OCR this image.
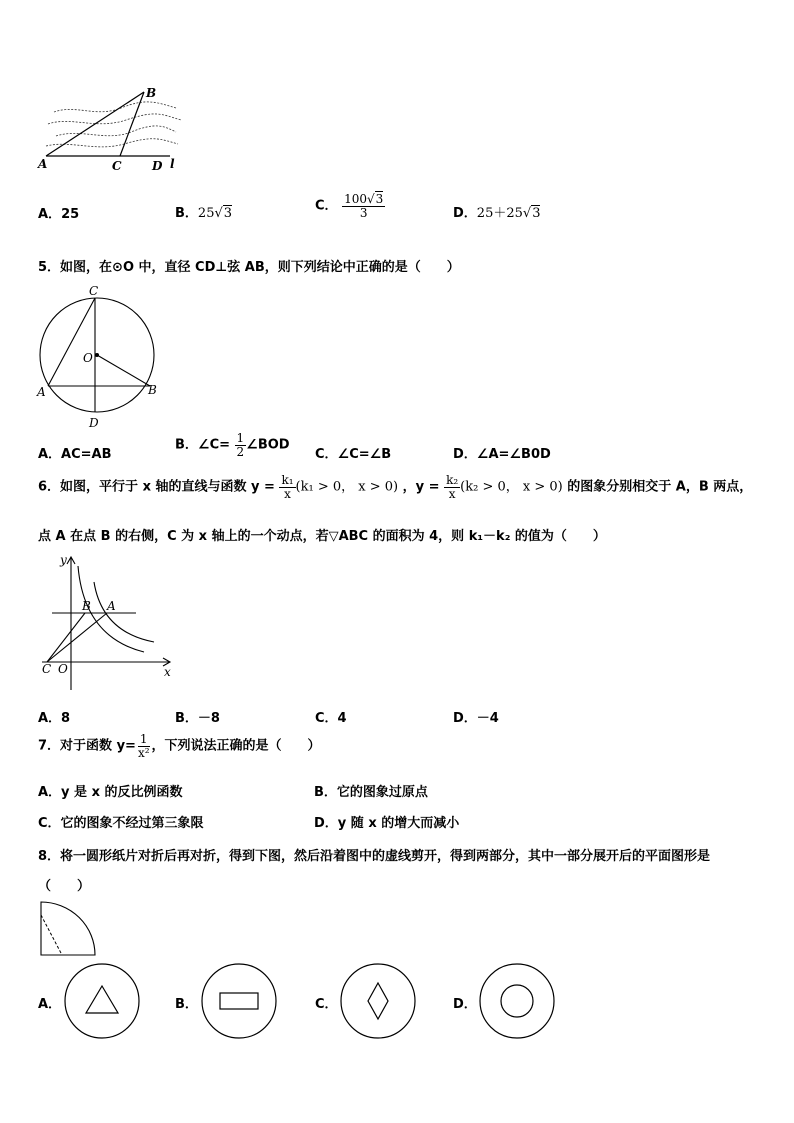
B
A	C	D l
A．25	B．25√3	C． $\frac{100√3}{3}$	D．25＋25√3
5．如图，在⊙O 中，直径 CD⊥弦 AB，则下列结论中正确的是（　　）
C
O
A	B
D
A．AC=AB
B．∠C= $\frac{1}{2}$ ∠BOD
C．∠C=∠B	D．∠A=∠B0D
6．如图，平行于 x 轴的直线与函数 $y = \frac{\text{k₁}}{x} (k_1 > 0$， x > 0) ，$y = \frac{\text{k₂}}{x} (k_2 > 0$， x > 0) 的图象分别相交于 A，B 两点，
点 A 在点 B 的右侧，C 为 x 轴上的一个动点，若▽ABC 的面积为 4，则 k₁－k₂ 的值为（　　）
y
x
B A
C O
A．8	B．－8	C．4	D．－4
7．对于函数 $y= \frac{1}{\text{x²}}$ ，下列说法正确的是（　　）
A．y 是 x 的反比例函数	B．它的图象过原点
C．它的图象不经过第三象限	D．y 随 x 的增大而减小
8．将一圆形纸片对折后再对折，得到下图，然后沿着图中的虚线剪开，得到两部分，其中一部分展开后的平面图形是
（　　）
A．	B．	C．	D．
